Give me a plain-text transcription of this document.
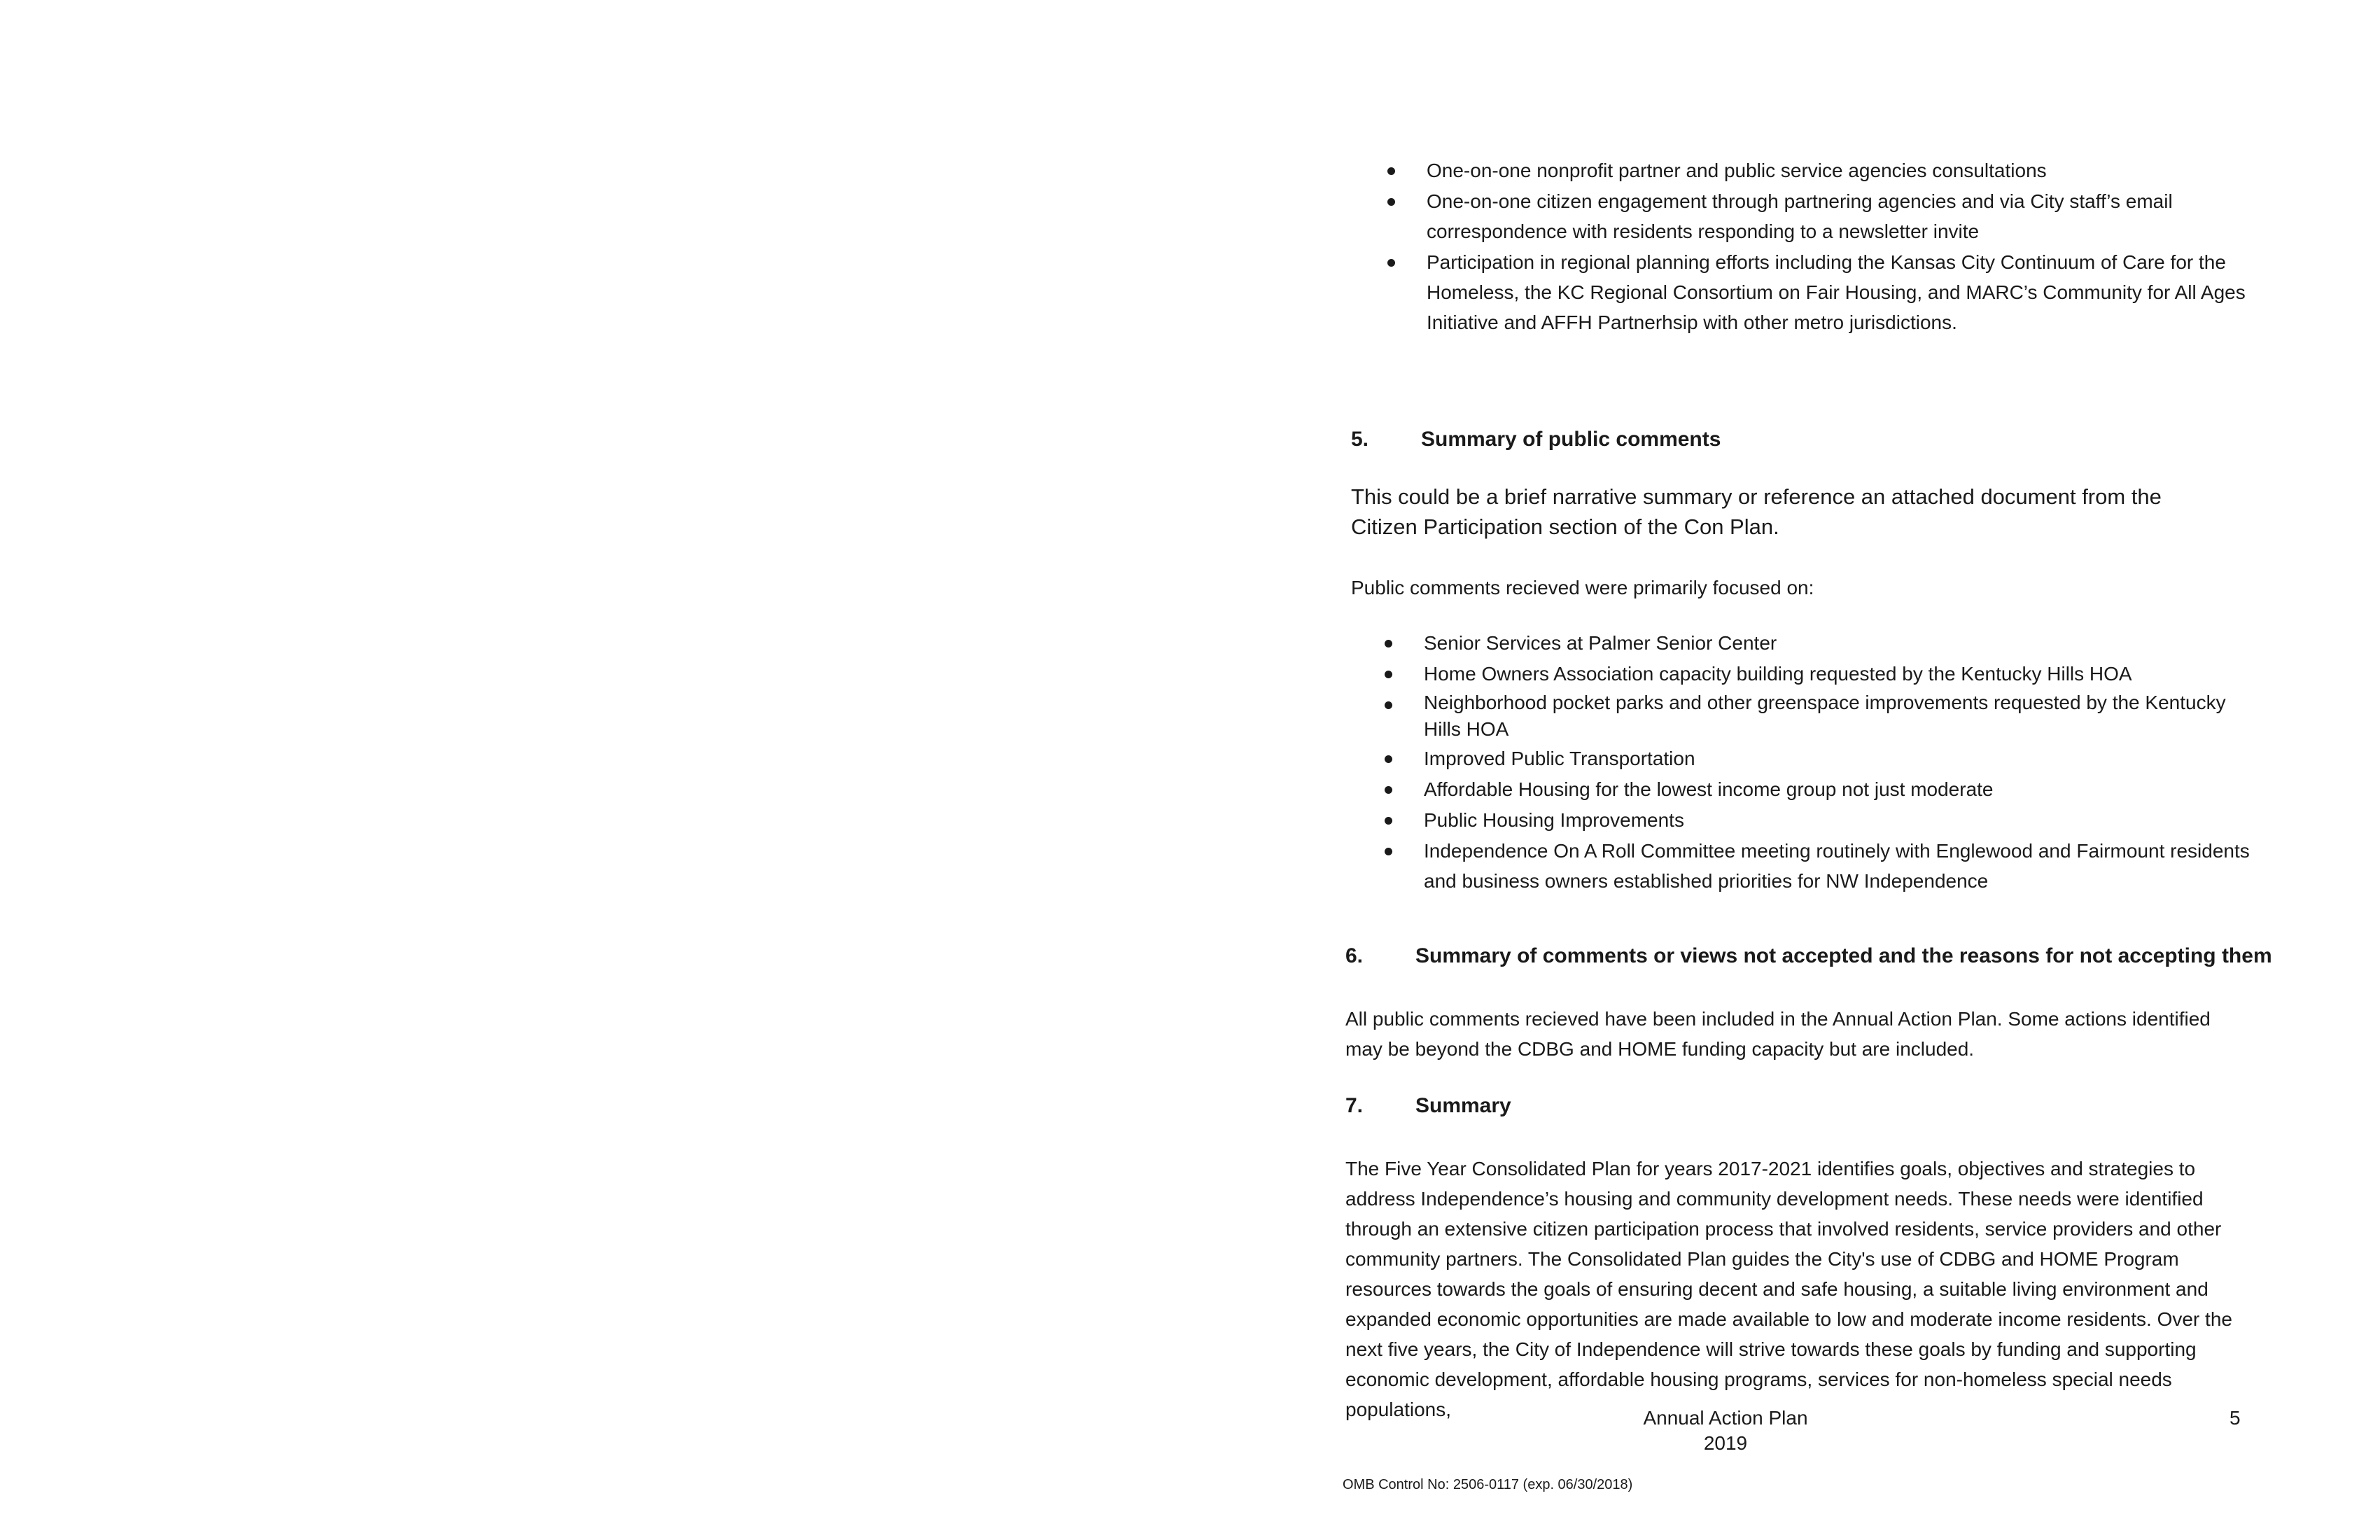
One-on-one nonprofit partner and public service agencies consultations
One-on-one citizen engagement through partnering agencies and via City staff’s email correspondence with residents responding to a newsletter invite
Participation in regional planning efforts including the Kansas City Continuum of Care for the Homeless, the KC Regional Consortium on Fair Housing, and MARC’s Community for All Ages Initiative and AFFH Partnerhsip with other metro jurisdictions.
5. Summary of public comments
This could be a brief narrative summary or reference an attached document from the Citizen Participation section of the Con Plan.
Public comments recieved were primarily focused on:
Senior Services at Palmer Senior Center
Home Owners Association capacity building requested by the Kentucky Hills HOA
Neighborhood pocket parks and other greenspace improvements requested by the Kentucky Hills HOA
Improved Public Transportation
Affordable Housing for the lowest income group not just moderate
Public Housing Improvements
Independence On A Roll Committee meeting routinely with Englewood and Fairmount residents and business owners established priorities for NW Independence
6. Summary of comments or views not accepted and the reasons for not accepting them
All public comments recieved have been included in the Annual Action Plan. Some actions identified may be beyond the CDBG and HOME funding capacity but are included.
7. Summary
The Five Year Consolidated Plan for years 2017-2021 identifies goals, objectives and strategies to address Independence’s housing and community development needs. These needs were identified through an extensive citizen participation process that involved residents, service providers and other community partners. The Consolidated Plan guides the City's use of CDBG and HOME Program resources towards the goals of ensuring decent and safe housing, a suitable living environment and expanded economic opportunities are made available to low and moderate income residents. Over the next five years, the City of Independence will strive towards these goals by funding and supporting economic development, affordable housing programs, services for non-homeless special needs populations,	Annual Action Plan
2019
5
OMB Control No: 2506-0117 (exp. 06/30/2018)
